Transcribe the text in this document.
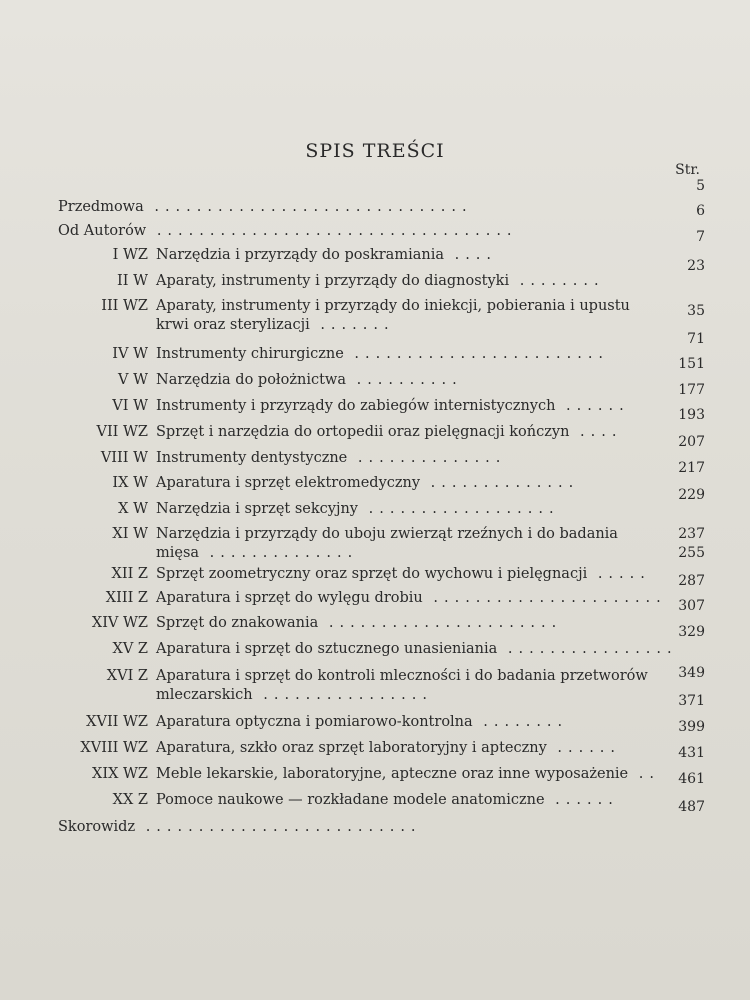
SPIS TREŚCI
Str.
Przedmowa ..............................
5
Od Autorów ..................................
6
I WZ Narzędzia i przyrządy do poskramiania ....
7
II W Aparaty, instrumenty i przyrządy do diagnostyki ........
23
III WZ Aparaty, instrumenty i przyrządy do iniekcji, pobierania i upustu
krwi oraz sterylizacji .......
35
IV W Instrumenty chirurgiczne ........................
71
V W Narzędzia do położnictwa ..........
151
VI W Instrumenty i przyrządy do zabiegów internistycznych ......
177
VII WZ Sprzęt i narzędzia do ortopedii oraz pielęgnacji kończyn ....
193
VIII W Instrumenty dentystyczne ..............
207
IX W Aparatura i sprzęt elektromedyczny ..............
217
X W Narzędzia i sprzęt sekcyjny ..................
229
XI W Narzędzia i przyrządy do uboju zwierząt rzeźnych i do badania
mięsa ..............
237
XII Z Sprzęt zoometryczny oraz sprzęt do wychowu i pielęgnacji .....
255
XIII Z Aparatura i sprzęt do wylęgu drobiu ......................
287
XIV WZ Sprzęt do znakowania ......................
307
XV Z Aparatura i sprzęt do sztucznego unasieniania ................
329
XVI Z Aparatura i sprzęt do kontroli mleczności i do badania przetworów
mleczarskich ................
349
XVII WZ Aparatura optyczna i pomiarowo-kontrolna ........
371
XVIII WZ Aparatura, szkło oraz sprzęt laboratoryjny i apteczny ......
399
XIX WZ Meble lekarskie, laboratoryjne, apteczne oraz inne wyposażenie ..
431
XX Z Pomoce naukowe — rozkładane modele anatomiczne ......
461
Skorowidz ..........................
487
